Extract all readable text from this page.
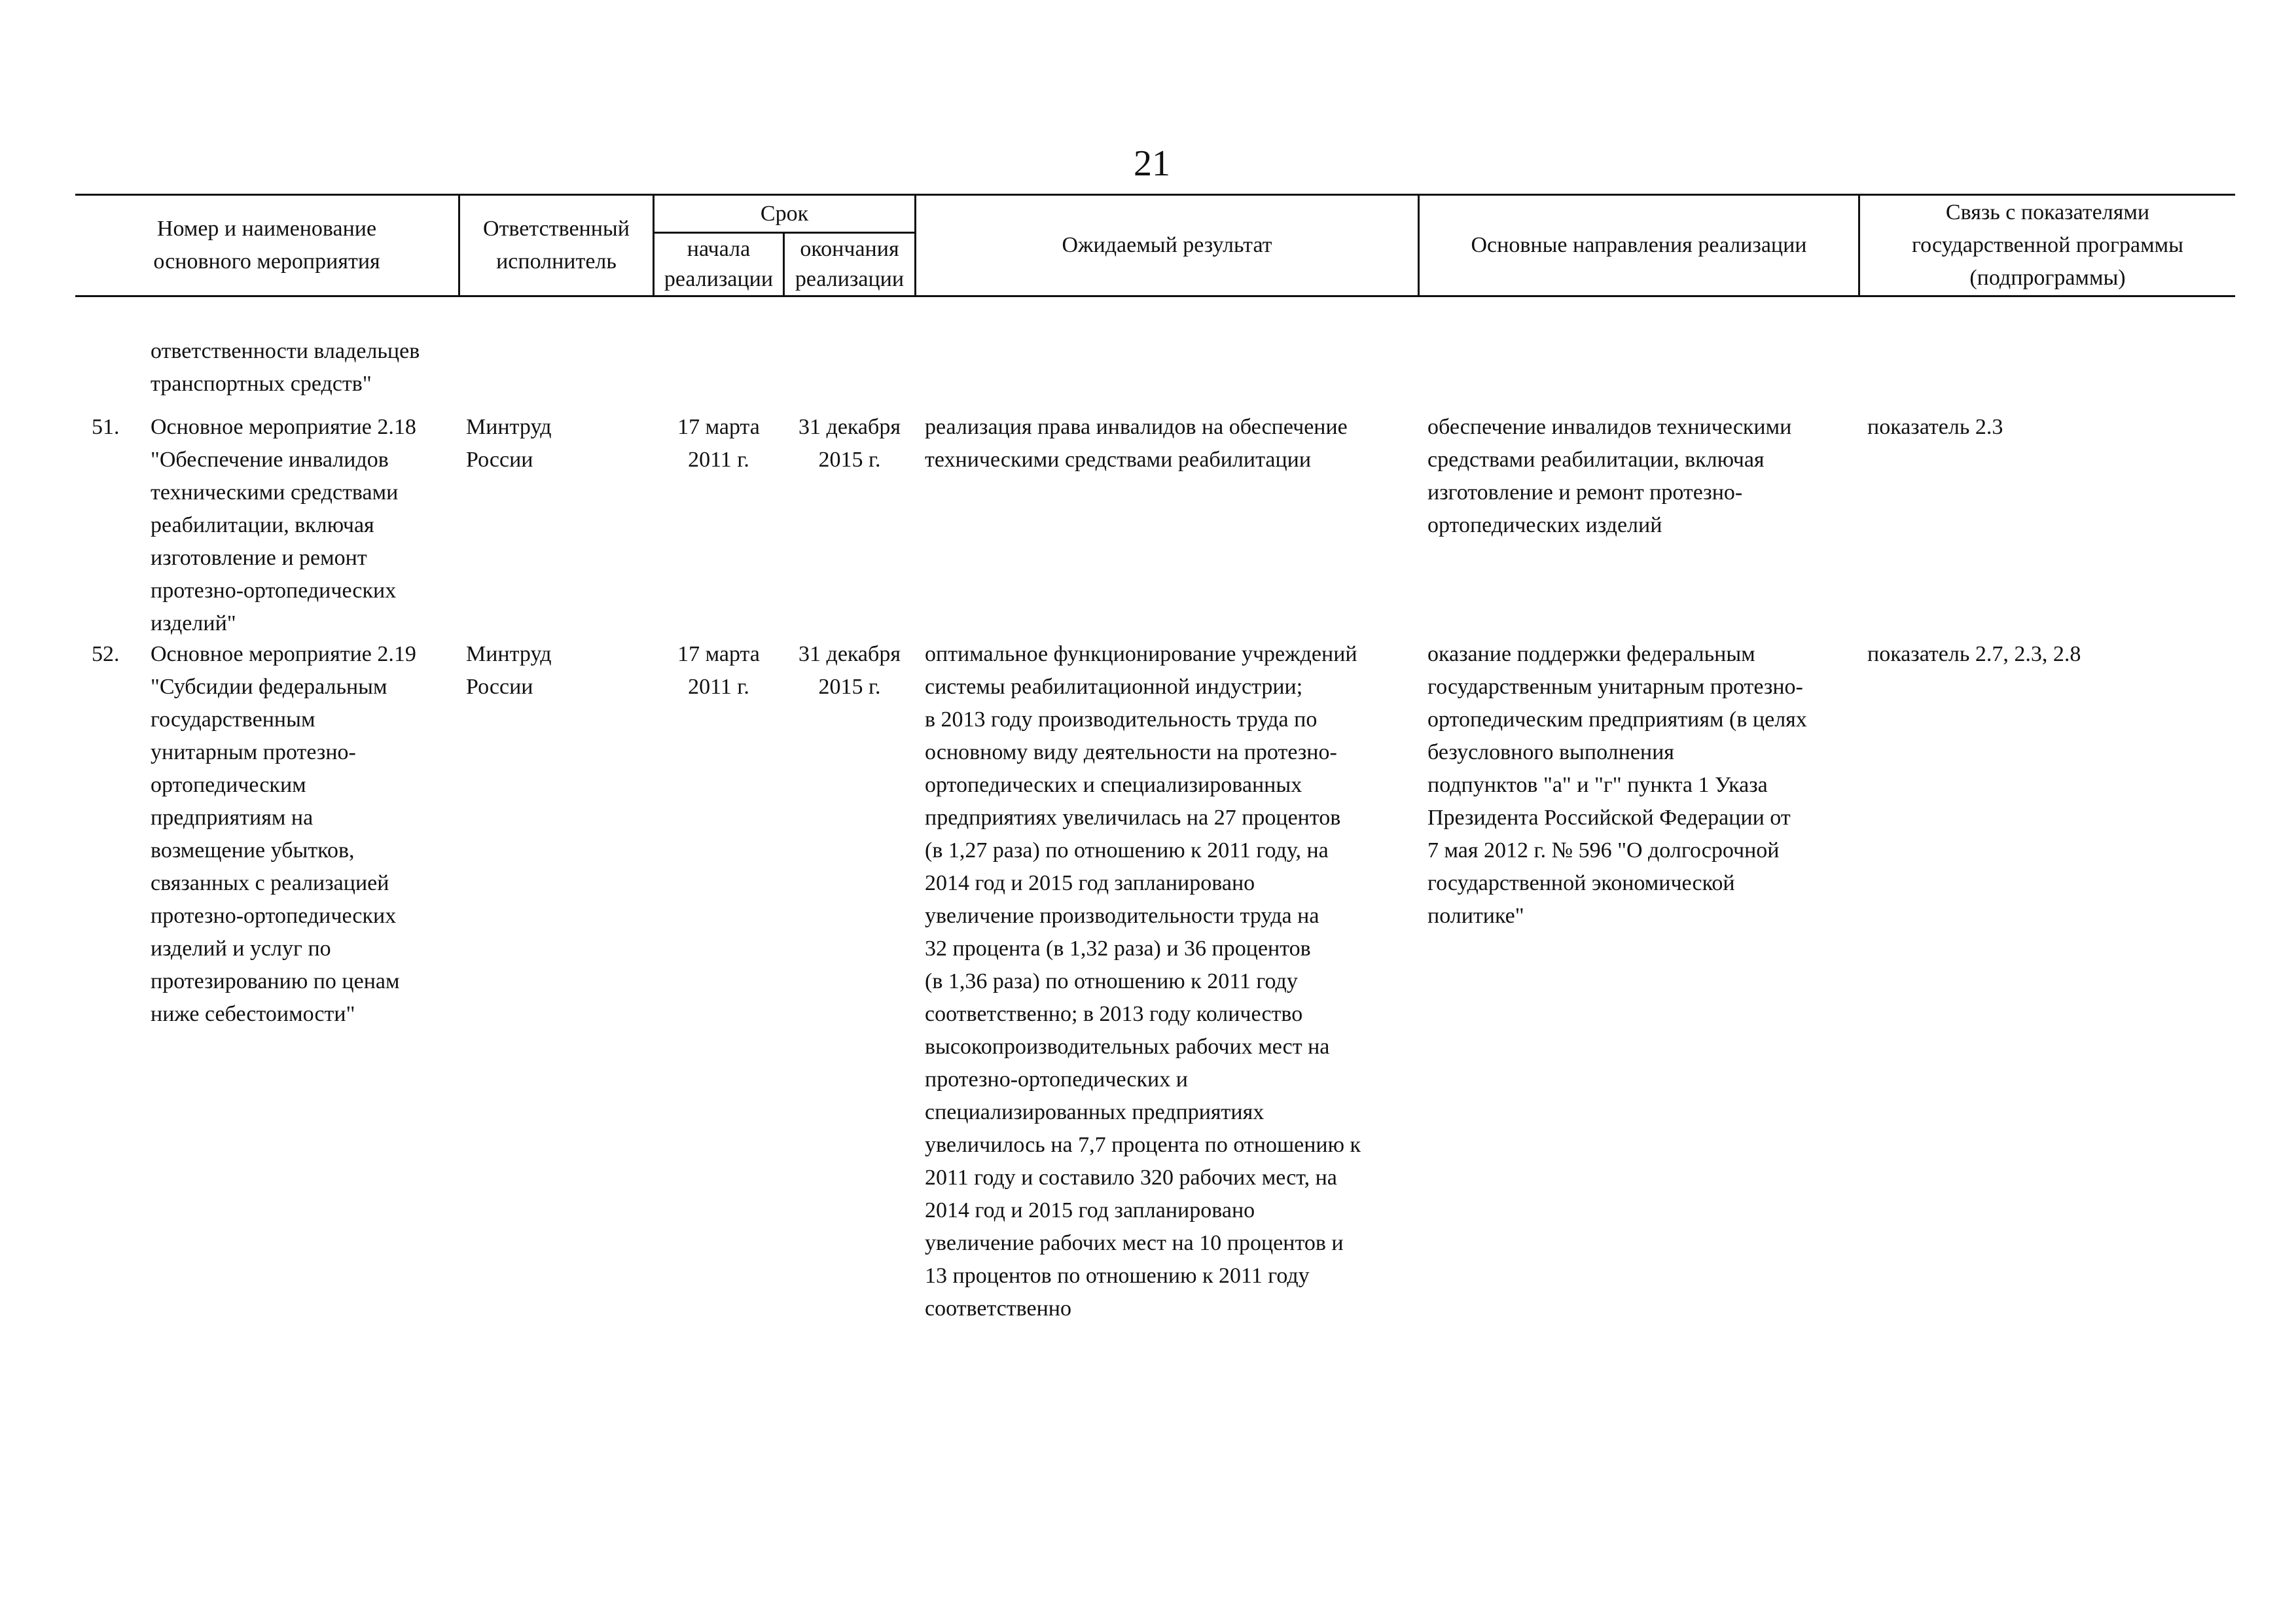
21
Номер и наименование
основного мероприятия
Ответственный
исполнитель
Срок
начала
реализации
окончания
реализации
Ожидаемый результат	Основные направления реализации
Связь с показателями
государственной программы
(подпрограммы)
ответственности владельцев
транспортных средств"
51. Основное мероприятие 2.18
"Обеспечение инвалидов
техническими средствами
реабилитации, включая
изготовление и ремонт
протезно-ортопедических
изделий"
Минтруд
России
17 марта
2011 г.
31 декабря
2015 г.
реализация права инвалидов на обеспечение
техническими средствами реабилитации
обеспечение инвалидов техническими
средствами реабилитации, включая
изготовление и ремонт протезно-
ортопедических изделий
показатель 2.3
52. Основное мероприятие 2.19
"Субсидии федеральным
государственным
унитарным протезно-
ортопедическим
предприятиям на
возмещение убытков,
связанных с реализацией
протезно-ортопедических
изделий и услуг по
протезированию по ценам
ниже себестоимости"
Минтруд
России
17 марта
2011 г.
31 декабря
2015 г.
оптимальное функционирование учреждений
системы реабилитационной индустрии;
в 2013 году производительность труда по
основному виду деятельности на протезно-
ортопедических и специализированных
предприятиях увеличилась на 27 процентов
(в 1,27 раза) по отношению к 2011 году, на
2014 год и 2015 год запланировано
увеличение производительности труда на
32 процента (в 1,32 раза) и 36 процентов
(в 1,36 раза) по отношению к 2011 году
соответственно; в 2013 году количество
высокопроизводительных рабочих мест на
протезно-ортопедических и
специализированных предприятиях
увеличилось на 7,7 процента по отношению к
2011 году и составило 320 рабочих мест, на
2014 год и 2015 год запланировано
увеличение рабочих мест на 10 процентов и
13 процентов по отношению к 2011 году
соответственно
оказание поддержки федеральным
государственным унитарным протезно-
ортопедическим предприятиям (в целях
безусловного выполнения
подпунктов "а" и "г" пункта 1 Указа
Президента Российской Федерации от
7 мая 2012 г. № 596 "О долгосрочной
государственной экономической
политике"
показатель 2.7, 2.3, 2.8
